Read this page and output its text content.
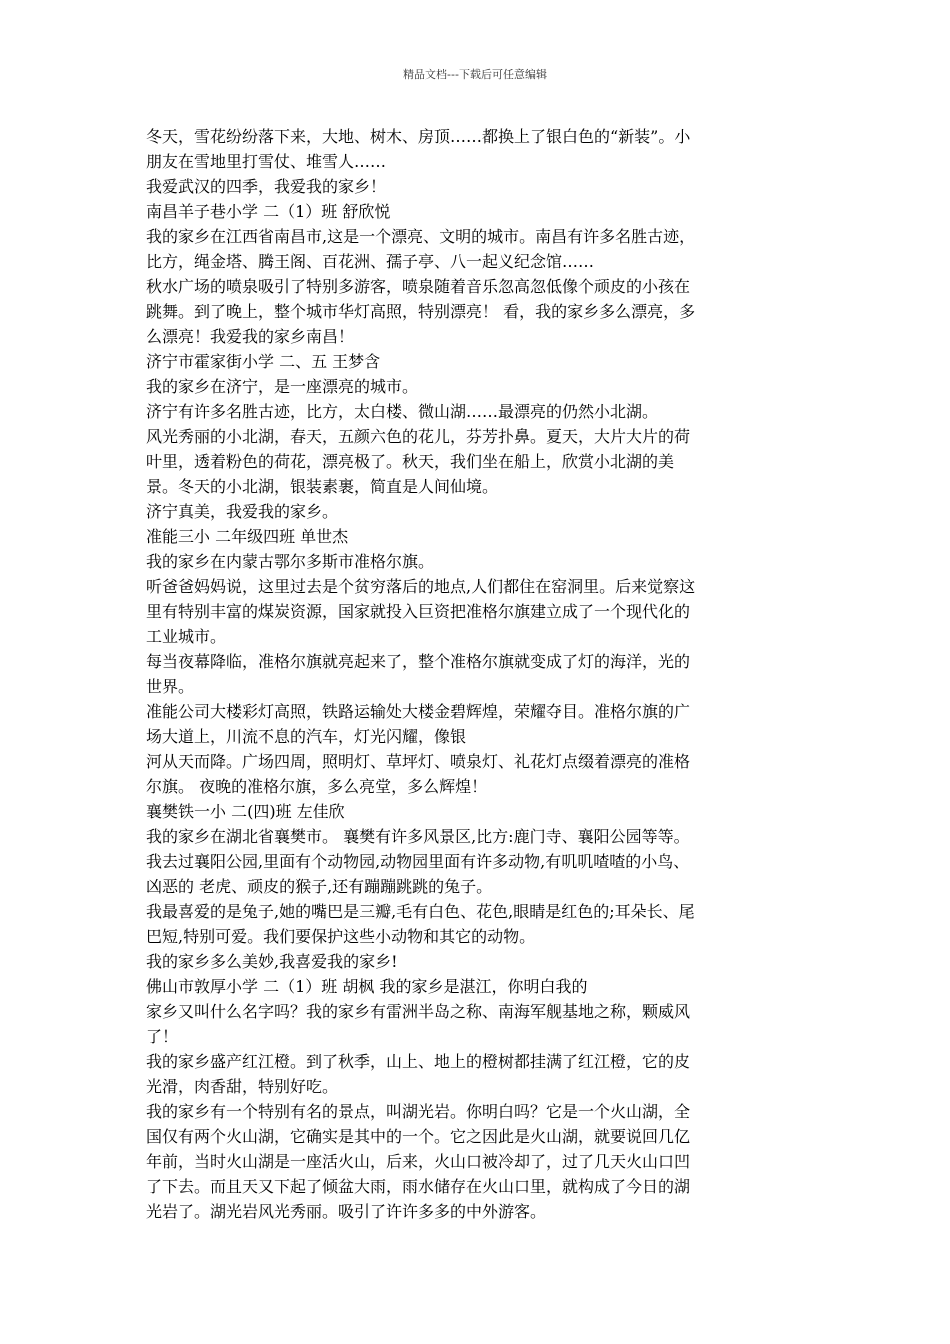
精品文档---下载后可任意编辑

冬天，雪花纷纷落下来，大地、树木、房顶……都换上了银白色的“新装”。小

朋友在雪地里打雪仗、堆雪人……

我爱武汉的四季，我爱我的家乡！

南昌羊子巷小学 二（1）班 舒欣悦

我的家乡在江西省南昌市,这是一个漂亮、文明的城市。南昌有许多名胜古迹，

比方，绳金塔、腾王阁、百花洲、孺子亭、八一起义纪念馆……

秋水广场的喷泉吸引了特别多游客，喷泉随着音乐忽高忽低像个顽皮的小孩在

跳舞。到了晚上，整个城市华灯高照，特别漂亮！ 看，我的家乡多么漂亮，多

么漂亮！我爱我的家乡南昌！

济宁市霍家街小学 二、五 王梦含

我的家乡在济宁，是一座漂亮的城市。

济宁有许多名胜古迹，比方，太白楼、微山湖……最漂亮的仍然小北湖。

风光秀丽的小北湖，春天，五颜六色的花儿，芬芳扑鼻。夏天，大片大片的荷

叶里，透着粉色的荷花，漂亮极了。秋天，我们坐在船上，欣赏小北湖的美

景。冬天的小北湖，银装素裹，简直是人间仙境。

济宁真美，我爱我的家乡。

准能三小 二年级四班 单世杰

我的家乡在内蒙古鄂尔多斯市准格尔旗。

听爸爸妈妈说，这里过去是个贫穷落后的地点,人们都住在窑洞里。后来觉察这

里有特别丰富的煤炭资源，国家就投入巨资把准格尔旗建立成了一个现代化的

工业城市。

每当夜幕降临，准格尔旗就亮起来了，整个准格尔旗就变成了灯的海洋，光的

世界。

准能公司大楼彩灯高照，铁路运输处大楼金碧辉煌，荣耀夺目。准格尔旗的广

场大道上，川流不息的汽车，灯光闪耀，像银

河从天而降。广场四周，照明灯、草坪灯、喷泉灯、礼花灯点缀着漂亮的准格

尔旗。 夜晚的准格尔旗，多么亮堂，多么辉煌！

襄樊铁一小 二(四)班 左佳欣

我的家乡在湖北省襄樊市。 襄樊有许多风景区,比方:鹿门寺、襄阳公园等等。

我去过襄阳公园,里面有个动物园,动物园里面有许多动物,有叽叽喳喳的小鸟、

凶恶的 老虎、顽皮的猴子,还有蹦蹦跳跳的兔子。

我最喜爱的是兔子,她的嘴巴是三瓣,毛有白色、花色,眼睛是红色的;耳朵长、尾

巴短,特别可爱。我们要保护这些小动物和其它的动物。

我的家乡多么美妙,我喜爱我的家乡!

佛山市敦厚小学 二（1）班 胡枫 我的家乡是湛江，你明白我的

家乡又叫什么名字吗？我的家乡有雷洲半岛之称、南海军舰基地之称，颗威风

了！

我的家乡盛产红江橙。到了秋季，山上、地上的橙树都挂满了红江橙，它的皮

光滑，肉香甜，特别好吃。

我的家乡有一个特别有名的景点，叫湖光岩。你明白吗？它是一个火山湖，全

国仅有两个火山湖，它确实是其中的一个。它之因此是火山湖，就要说回几亿

年前，当时火山湖是一座活火山，后来，火山口被冷却了，过了几天火山口凹

了下去。而且天又下起了倾盆大雨，雨水储存在火山口里，就构成了今日的湖

光岩了。湖光岩风光秀丽。吸引了许许多多的中外游客。
